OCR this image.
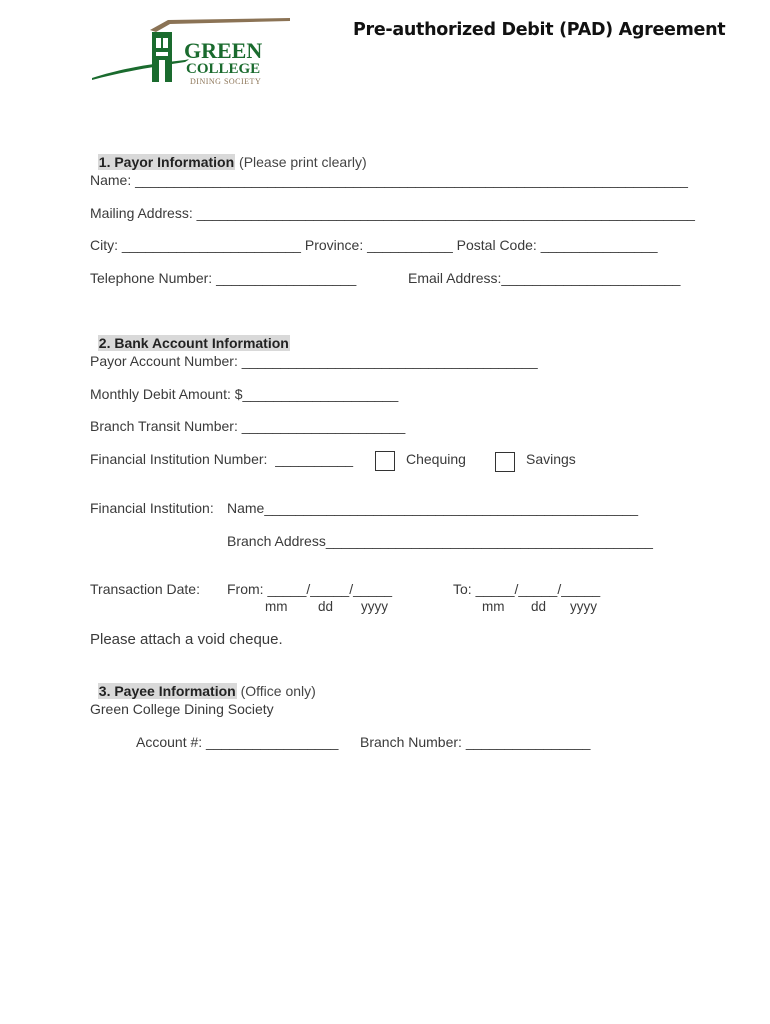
GREEN
COLLEGE
DINING SOCIETY
Pre-authorized Debit (PAD) Agreement

1. Payor Information (Please print clearly)

Name: _______________________________________________________________________
Mailing Address: ________________________________________________________________
City: _______________________ Province: ___________ Postal Code: _______________
Telephone Number: __________________	Email Address:_______________________

2. Bank Account Information

Payor Account Number: ______________________________________
Monthly Debit Amount: $____________________
Branch Transit Number: _____________________
Financial Institution Number:  __________	Chequing	Savings
Financial Institution: Name________________________________________________
Branch Address__________________________________________
Transaction Date: From: _____/_____/_____
mm dd yyyy
To: _____/_____/_____
mm dd yyyy
Please attach a void cheque.

3. Payee Information (Office only)

Green College Dining Society
Account #: _________________ Branch Number: ________________
